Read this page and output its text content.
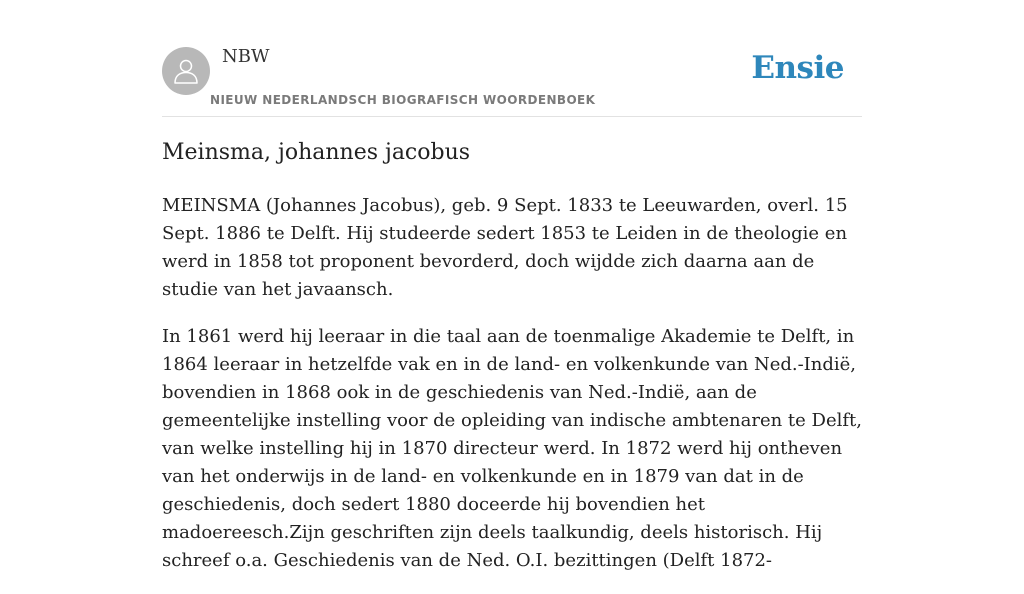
NBW
NIEUW NEDERLANDSCH BIOGRAFISCH WOORDENBOEK
Ensie
Meinsma, johannes jacobus

MEINSMA (Johannes Jacobus), geb. 9 Sept. 1833 te Leeuwarden, overl. 15 Sept. 1886 te Delft. Hij studeerde sedert 1853 te Leiden in de theologie en werd in 1858 tot proponent bevorderd, doch wijdde zich daarna aan de studie van het javaansch.

In 1861 werd hij leeraar in die taal aan de toenmalige Akademie te Delft, in 1864 leeraar in hetzelfde vak en in de land- en volkenkunde van Ned.-Indië, bovendien in 1868 ook in de geschiedenis van Ned.-Indië, aan de gemeentelijke instelling voor de opleiding van indische ambtenaren te Delft, van welke instelling hij in 1870 directeur werd. In 1872 werd hij ontheven van het onderwijs in de land- en volkenkunde en in 1879 van dat in de geschiedenis, doch sedert 1880 doceerde hij bovendien het madoereesch.Zijn geschriften zijn deels taalkundig, deels historisch. Hij schreef o.a. Geschiedenis van de Ned. O.I. bezittingen (Delft 1872-
